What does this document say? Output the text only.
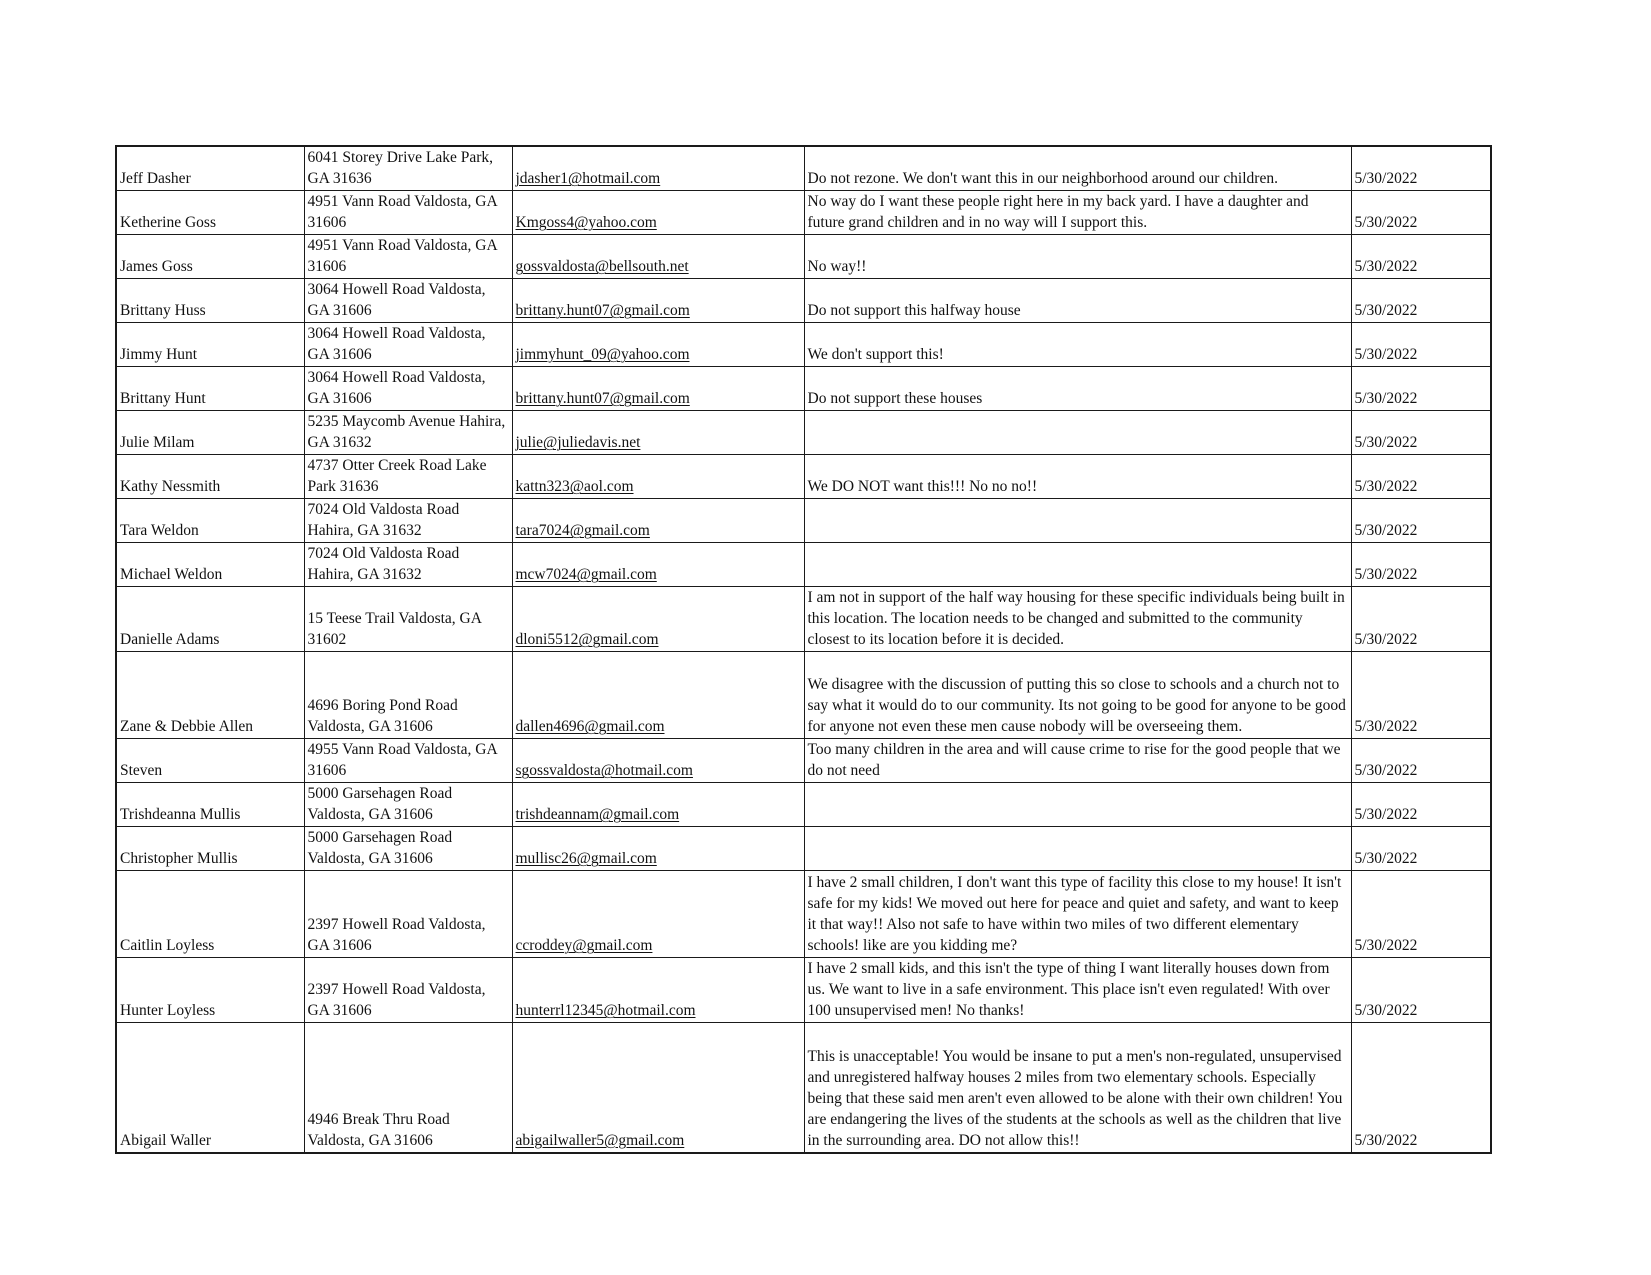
Jeff Dasher	6041 Storey Drive Lake Park, GA 31636	jdasher1@hotmail.com	Do not rezone. We don't want this in our neighborhood around our children.	5/30/2022
Ketherine Goss	4951 Vann Road Valdosta, GA 31606	Kmgoss4@yahoo.com	No way do I want these people right here in my back yard. I have a daughter and future grand children and in no way will I support this.	5/30/2022
James Goss	4951 Vann Road Valdosta, GA 31606	gossvaldosta@bellsouth.net	No way!!	5/30/2022
Brittany Huss	3064 Howell Road Valdosta, GA 31606	brittany.hunt07@gmail.com	Do not support this halfway house	5/30/2022
Jimmy Hunt	3064 Howell Road Valdosta, GA 31606	jimmyhunt_09@yahoo.com	We don't support this!	5/30/2022
Brittany Hunt	3064 Howell Road Valdosta, GA 31606	brittany.hunt07@gmail.com	Do not support these houses	5/30/2022
Julie Milam	5235 Maycomb Avenue Hahira, GA 31632	julie@juliedavis.net		5/30/2022
Kathy Nessmith	4737 Otter Creek Road Lake Park 31636	kattn323@aol.com	We DO NOT want this!!! No no no!!	5/30/2022
Tara Weldon	7024 Old Valdosta Road Hahira, GA 31632	tara7024@gmail.com		5/30/2022
Michael Weldon	7024 Old Valdosta Road Hahira, GA 31632	mcw7024@gmail.com		5/30/2022
Danielle Adams	15 Teese Trail Valdosta, GA 31602	dloni5512@gmail.com	I am not in support of the half way housing for these specific individuals being built in this location. The location needs to be changed and submitted to the community closest to its location before it is decided.	5/30/2022
Zane & Debbie Allen	4696 Boring Pond Road Valdosta, GA 31606	dallen4696@gmail.com	We disagree with the discussion of putting this so close to schools and a church not to say what it would do to our community. Its not going to be good for anyone to be good for anyone not even these men cause nobody will be overseeing them.	5/30/2022
Steven	4955 Vann Road Valdosta, GA 31606	sgossvaldosta@hotmail.com	Too many children in the area and will cause crime to rise for the good people that we do not need	5/30/2022
Trishdeanna Mullis	5000 Garsehagen Road Valdosta, GA 31606	trishdeannam@gmail.com		5/30/2022
Christopher Mullis	5000 Garsehagen Road Valdosta, GA 31606	mullisc26@gmail.com		5/30/2022
Caitlin Loyless	2397 Howell Road Valdosta, GA 31606	ccroddey@gmail.com	I have 2 small children, I don't want this type of facility this close to my house! It isn't safe for my kids! We moved out here for peace and quiet and safety, and want to keep it that way!! Also not safe to have within two miles of two different elementary schools! like are you kidding me?	5/30/2022
Hunter Loyless	2397 Howell Road Valdosta, GA 31606	hunterrl12345@hotmail.com	I have 2 small kids, and this isn't the type of thing I want literally houses down from us. We want to live in a safe environment. This place isn't even regulated! With over 100 unsupervised men! No thanks!	5/30/2022
Abigail Waller	4946 Break Thru Road Valdosta, GA 31606	abigailwaller5@gmail.com	This is unacceptable! You would be insane to put a men's non-regulated, unsupervised and unregistered halfway houses 2 miles from two elementary schools. Especially being that these said men aren't even allowed to be alone with their own children! You are endangering the lives of the students at the schools as well as the children that live in the surrounding area. DO not allow this!!	5/30/2022
